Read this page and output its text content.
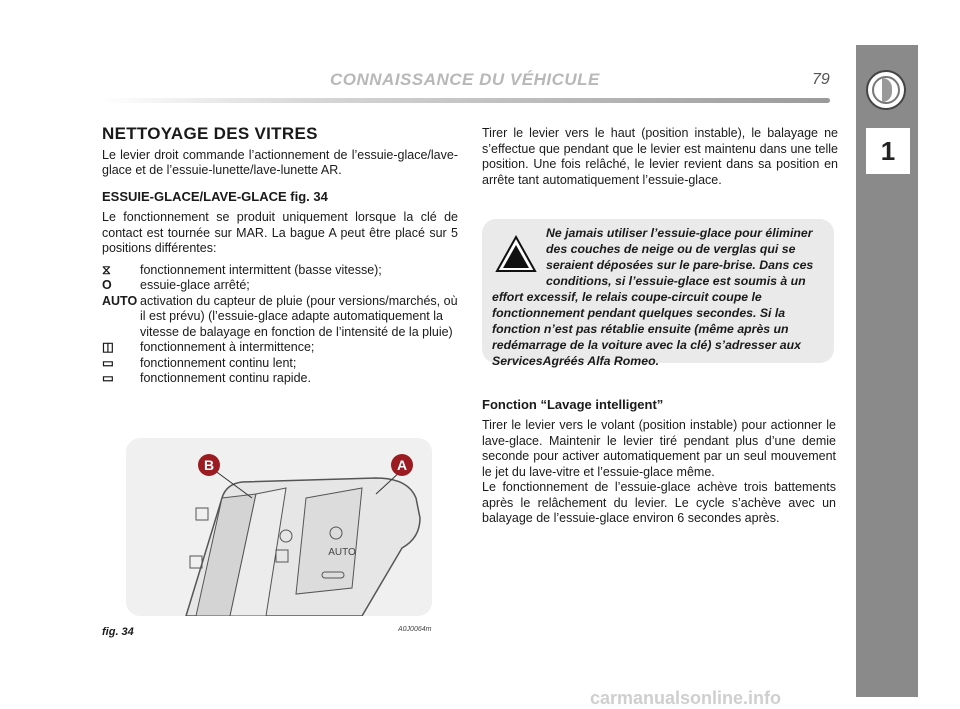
CONNAISSANCE DU VÉHICULE	79
1
NETTOYAGE DES VITRES

Le levier droit commande l’actionnement de l’essuie-glace/lave-glace et de l’essuie-lunette/lave-lunette AR.

ESSUIE-GLACE/LAVE-GLACE fig. 34

Le fonctionnement se produit uniquement lorsque la clé de contact est tournée sur MAR. La bague A peut être placé sur 5 positions différentes:

⧖	fonctionnement intermittent (basse vitesse);
O	essuie-glace arrêté;
AUTO activation du capteur de pluie (pour versions/marchés, où il est prévu) (l’essuie-glace adapte automatiquement la vitesse de balayage en fonction de l’intensité de la pluie)
◫	fonctionnement à intermittence;
▭	fonctionnement continu lent;
▭	fonctionnement continu rapide.
B	A
AUTO
fig. 34	A0J0064m

Tirer le levier vers le haut (position instable), le balayage ne s’effectue que pendant que le levier est maintenu dans une telle position. Une fois relâché, le levier revient dans sa position en arrête tant automatiquement l’essuie-glace.

Ne jamais utiliser l’essuie-glace pour éliminer des couches de neige ou de verglas qui se seraient déposées sur le pare-brise. Dans ces conditions, si l’essuie-glace est soumis à un effort excessif, le relais coupe-circuit coupe le fonctionnement pendant quelques secondes. Si la fonction n’est pas rétablie ensuite (même après un redémarrage de la voiture avec la clé) s’adresser aux ServicesAgréés Alfa Romeo.
Fonction “Lavage intelligent”

Tirer le levier vers le volant (position instable) pour actionner le lave-glace. Maintenir le levier tiré pendant plus d’une demie seconde pour activer automatiquement par un seul mouvement le jet du lave-vitre et l’essuie-glace même.

Le fonctionnement de l’essuie-glace achève trois battements après le relâchement du levier. Le cycle s’achève avec un balayage de l’essuie-glace environ 6 secondes après.

carmanualsonline.info
